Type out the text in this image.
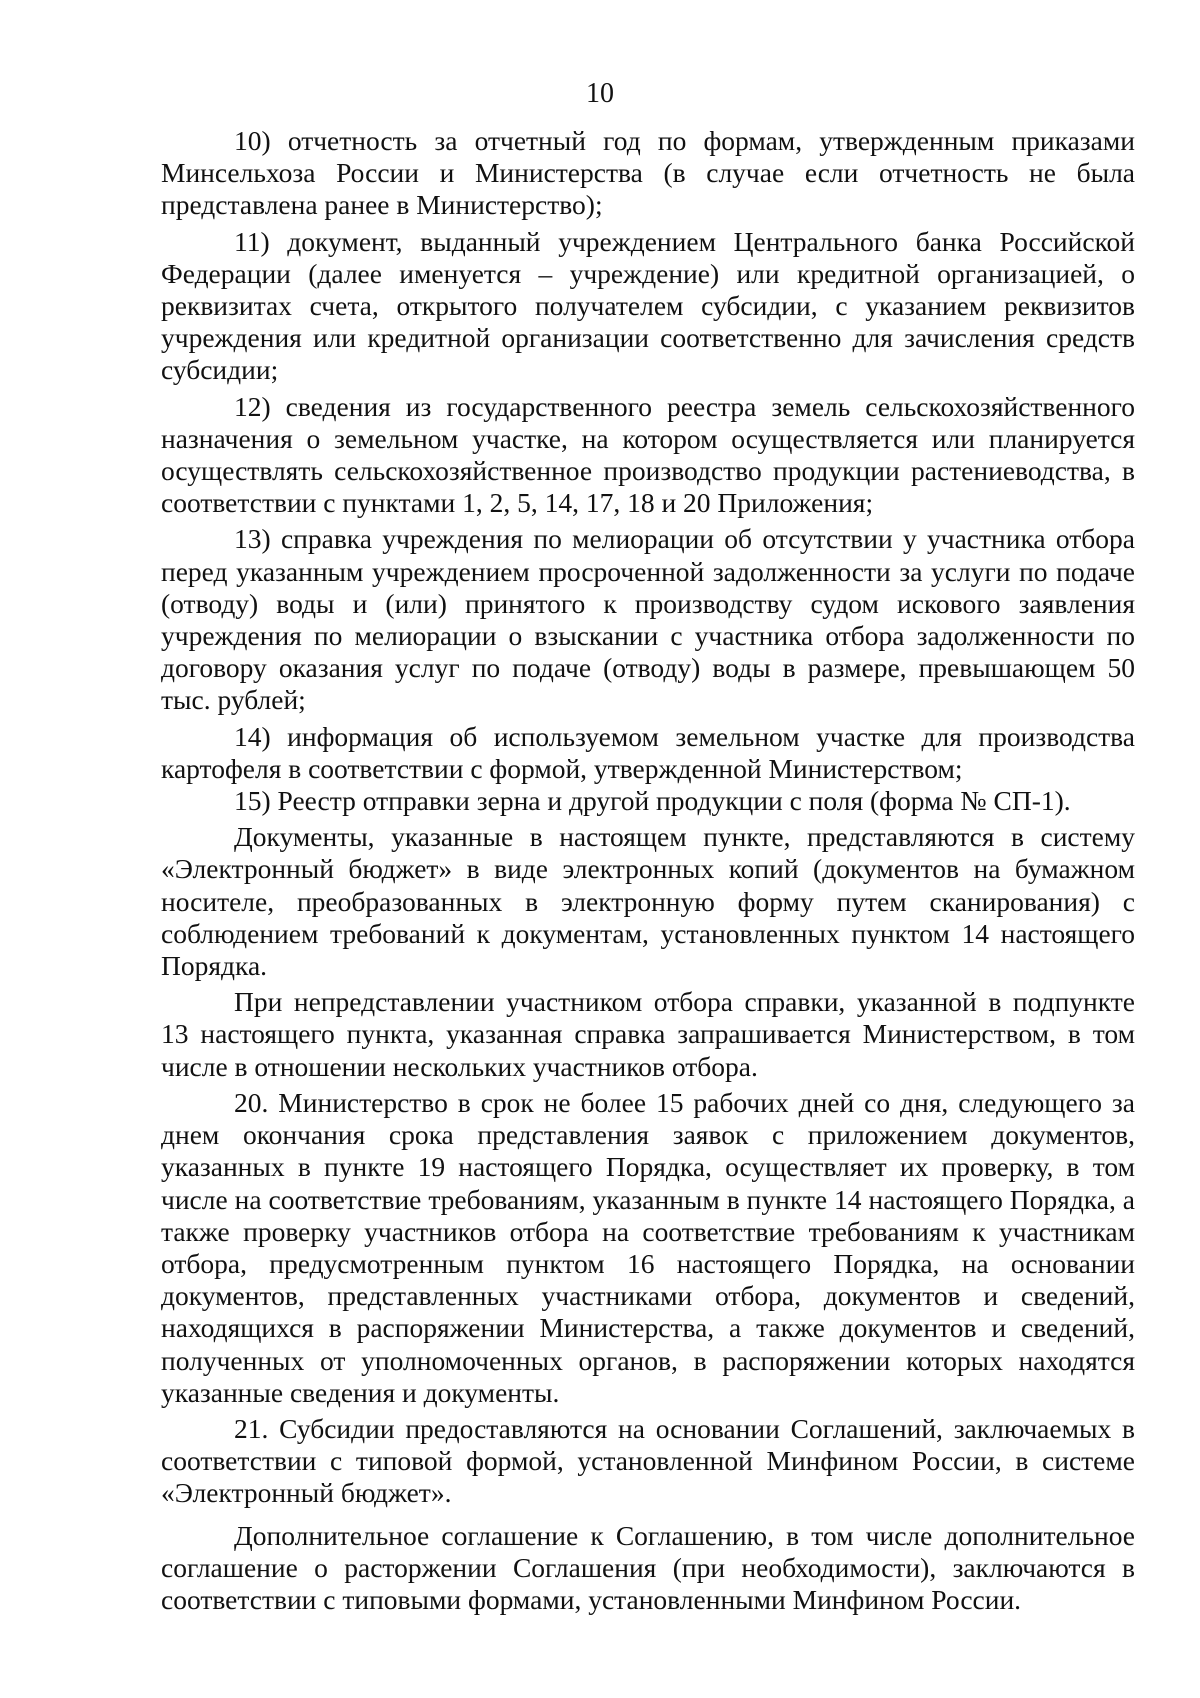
10

10) отчетность за отчетный год по формам, утвержденным приказами Минсельхоза России и Министерства (в случае если отчетность не была представлена ранее в Министерство);

11) документ, выданный учреждением Центрального банка Российской Федерации (далее именуется – учреждение) или кредитной организацией, о реквизитах счета, открытого получателем субсидии, с указанием реквизитов учреждения или кредитной организации соответственно для зачисления средств субсидии;

12) сведения из государственного реестра земель сельскохозяйственного назначения о земельном участке, на котором осуществляется или планируется осуществлять сельскохозяйственное производство продукции растениеводства, в соответствии с пунктами 1, 2, 5, 14, 17, 18 и 20 Приложения;

13) справка учреждения по мелиорации об отсутствии у участника отбора перед указанным учреждением просроченной задолженности за услуги по подаче (отводу) воды и (или) принятого к производству судом искового заявления учреждения по мелиорации о взыскании с участника отбора задолженности по договору оказания услуг по подаче (отводу) воды в размере, превышающем 50 тыс. рублей;

14) информация об используемом земельном участке для производства картофеля в соответствии с формой, утвержденной Министерством;

15) Реестр отправки зерна и другой продукции с поля (форма № СП-1).

Документы, указанные в настоящем пункте, представляются в систему «Электронный бюджет» в виде электронных копий (документов на бумажном носителе, преобразованных в электронную форму путем сканирования) с соблюдением требований к документам, установленных пунктом 14 настоящего Порядка.

При непредставлении участником отбора справки, указанной в подпункте 13 настоящего пункта, указанная справка запрашивается Министерством, в том числе в отношении нескольких участников отбора.

20. Министерство в срок не более 15 рабочих дней со дня, следующего за днем окончания срока представления заявок с приложением документов, указанных в пункте 19 настоящего Порядка, осуществляет их проверку, в том числе на соответствие требованиям, указанным в пункте 14 настоящего Порядка, а также проверку участников отбора на соответствие требованиям к участникам отбора, предусмотренным пунктом 16 настоящего Порядка, на основании документов, представленных участниками отбора, документов и сведений, находящихся в распоряжении Министерства, а также документов и сведений, полученных от уполномоченных органов, в распоряжении которых находятся указанные сведения и документы.

21. Субсидии предоставляются на основании Соглашений, заключаемых в соответствии с типовой формой, установленной Минфином России, в системе «Электронный бюджет».

Дополнительное соглашение к Соглашению, в том числе дополнительное соглашение о расторжении Соглашения (при необходимости), заключаются в соответствии с типовыми формами, установленными Минфином России.
